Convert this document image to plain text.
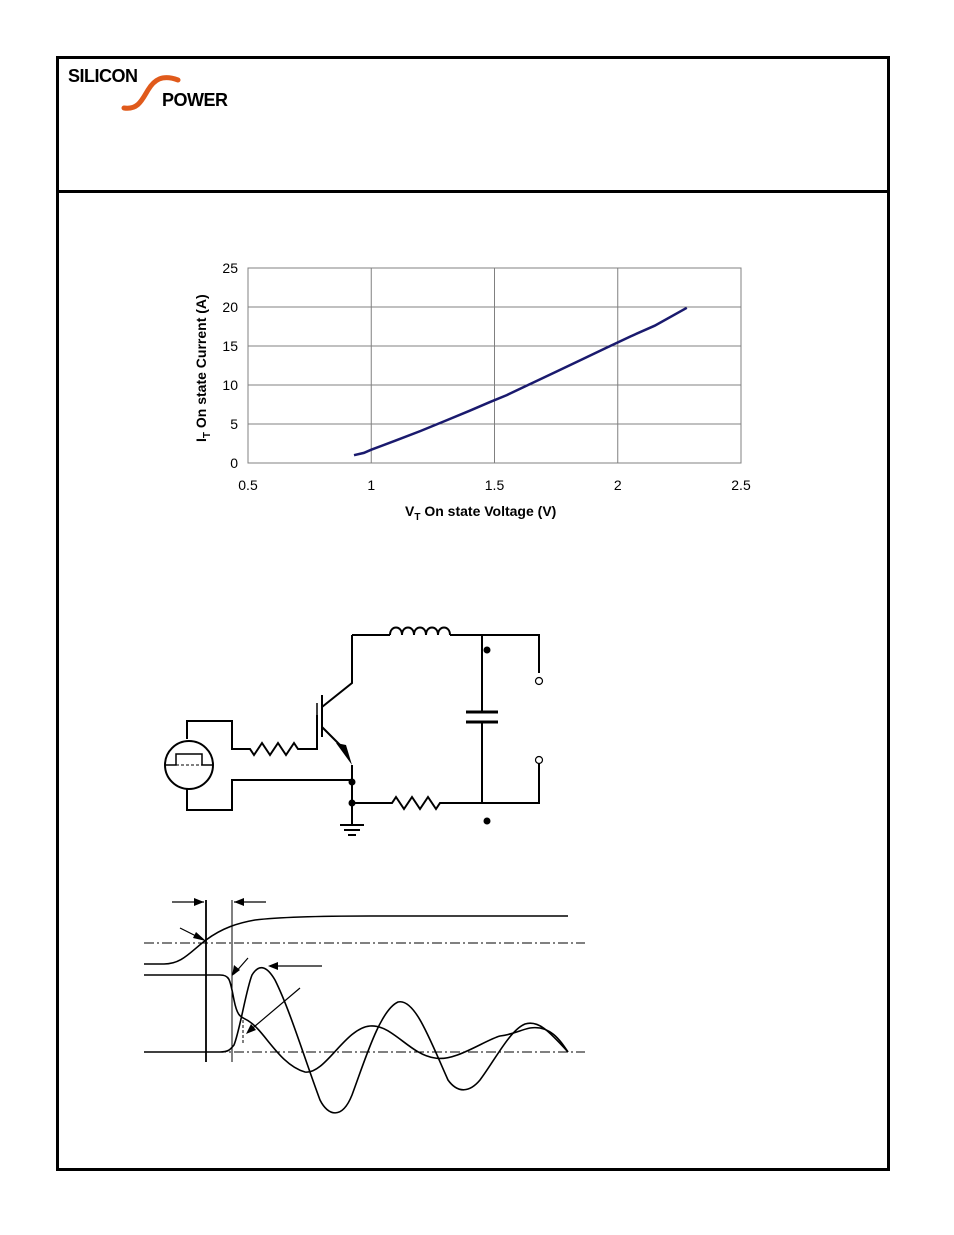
SILICON
POWER
0
5
10
15
20
25
0.5	1	1.5	2	2.5
$V_T$ On state Voltage (V)
$I_T$ On state Current (A)
